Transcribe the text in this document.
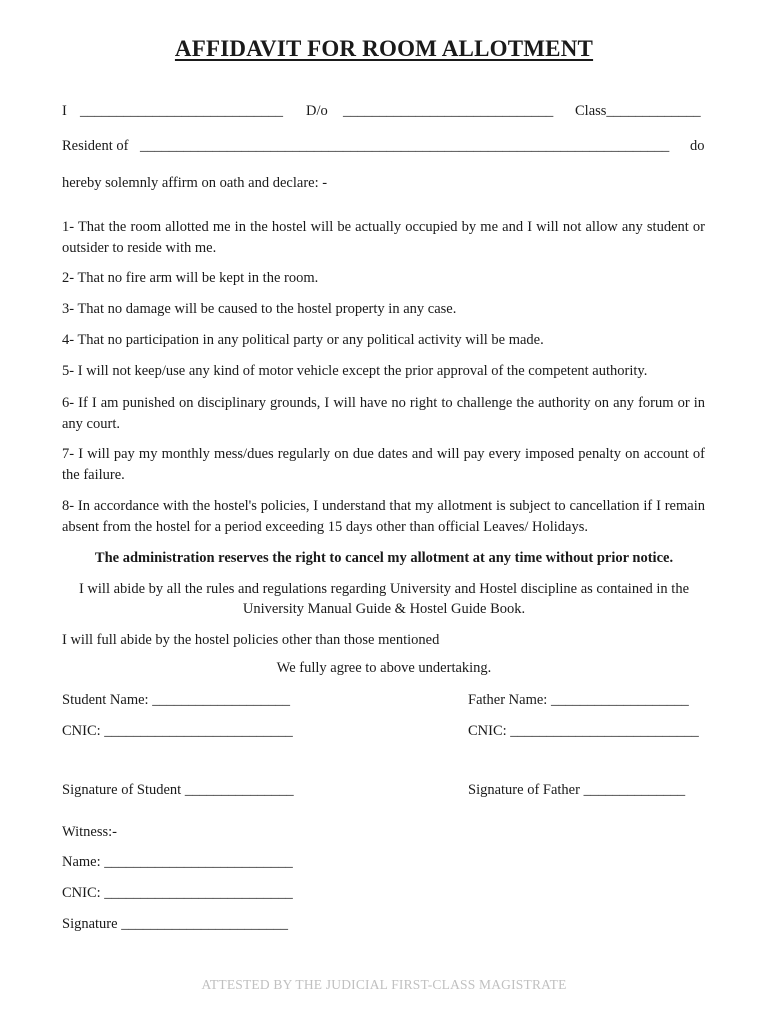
AFFIDAVIT FOR ROOM ALLOTMENT
I ____________________________ D/o _____________________________ Class_____________
Resident of _________________________________________________________________________ do
hereby solemnly affirm on oath and declare: -
1- That the room allotted me in the hostel will be actually occupied by me and I will not allow any student or outsider to reside with me.
2- That no fire arm will be kept in the room.
3- That no damage will be caused to the hostel property in any case.
4- That no participation in any political party or any political activity will be made.
5- I will not keep/use any kind of motor vehicle except the prior approval of the competent authority.
6- If I am punished on disciplinary grounds, I will have no right to challenge the authority on any forum or in any court.
7- I will pay my monthly mess/dues regularly on due dates and will pay every imposed penalty on account of the failure.
8- In accordance with the hostel's policies, I understand that my allotment is subject to cancellation if I remain absent from the hostel for a period exceeding 15 days other than official Leaves/ Holidays.
The administration reserves the right to cancel my allotment at any time without prior notice.
I will abide by all the rules and regulations regarding University and Hostel discipline as contained in the
University Manual Guide & Hostel Guide Book.
I will full abide by the hostel policies other than those mentioned
We fully agree to above undertaking.
Student Name: ___________________	Father Name: ___________________
CNIC: __________________________	CNIC: __________________________
Signature of Student _______________	Signature of Father ______________
Witness:-
Name: __________________________
CNIC: __________________________
Signature _______________________
ATTESTED BY THE JUDICIAL FIRST-CLASS MAGISTRATE
